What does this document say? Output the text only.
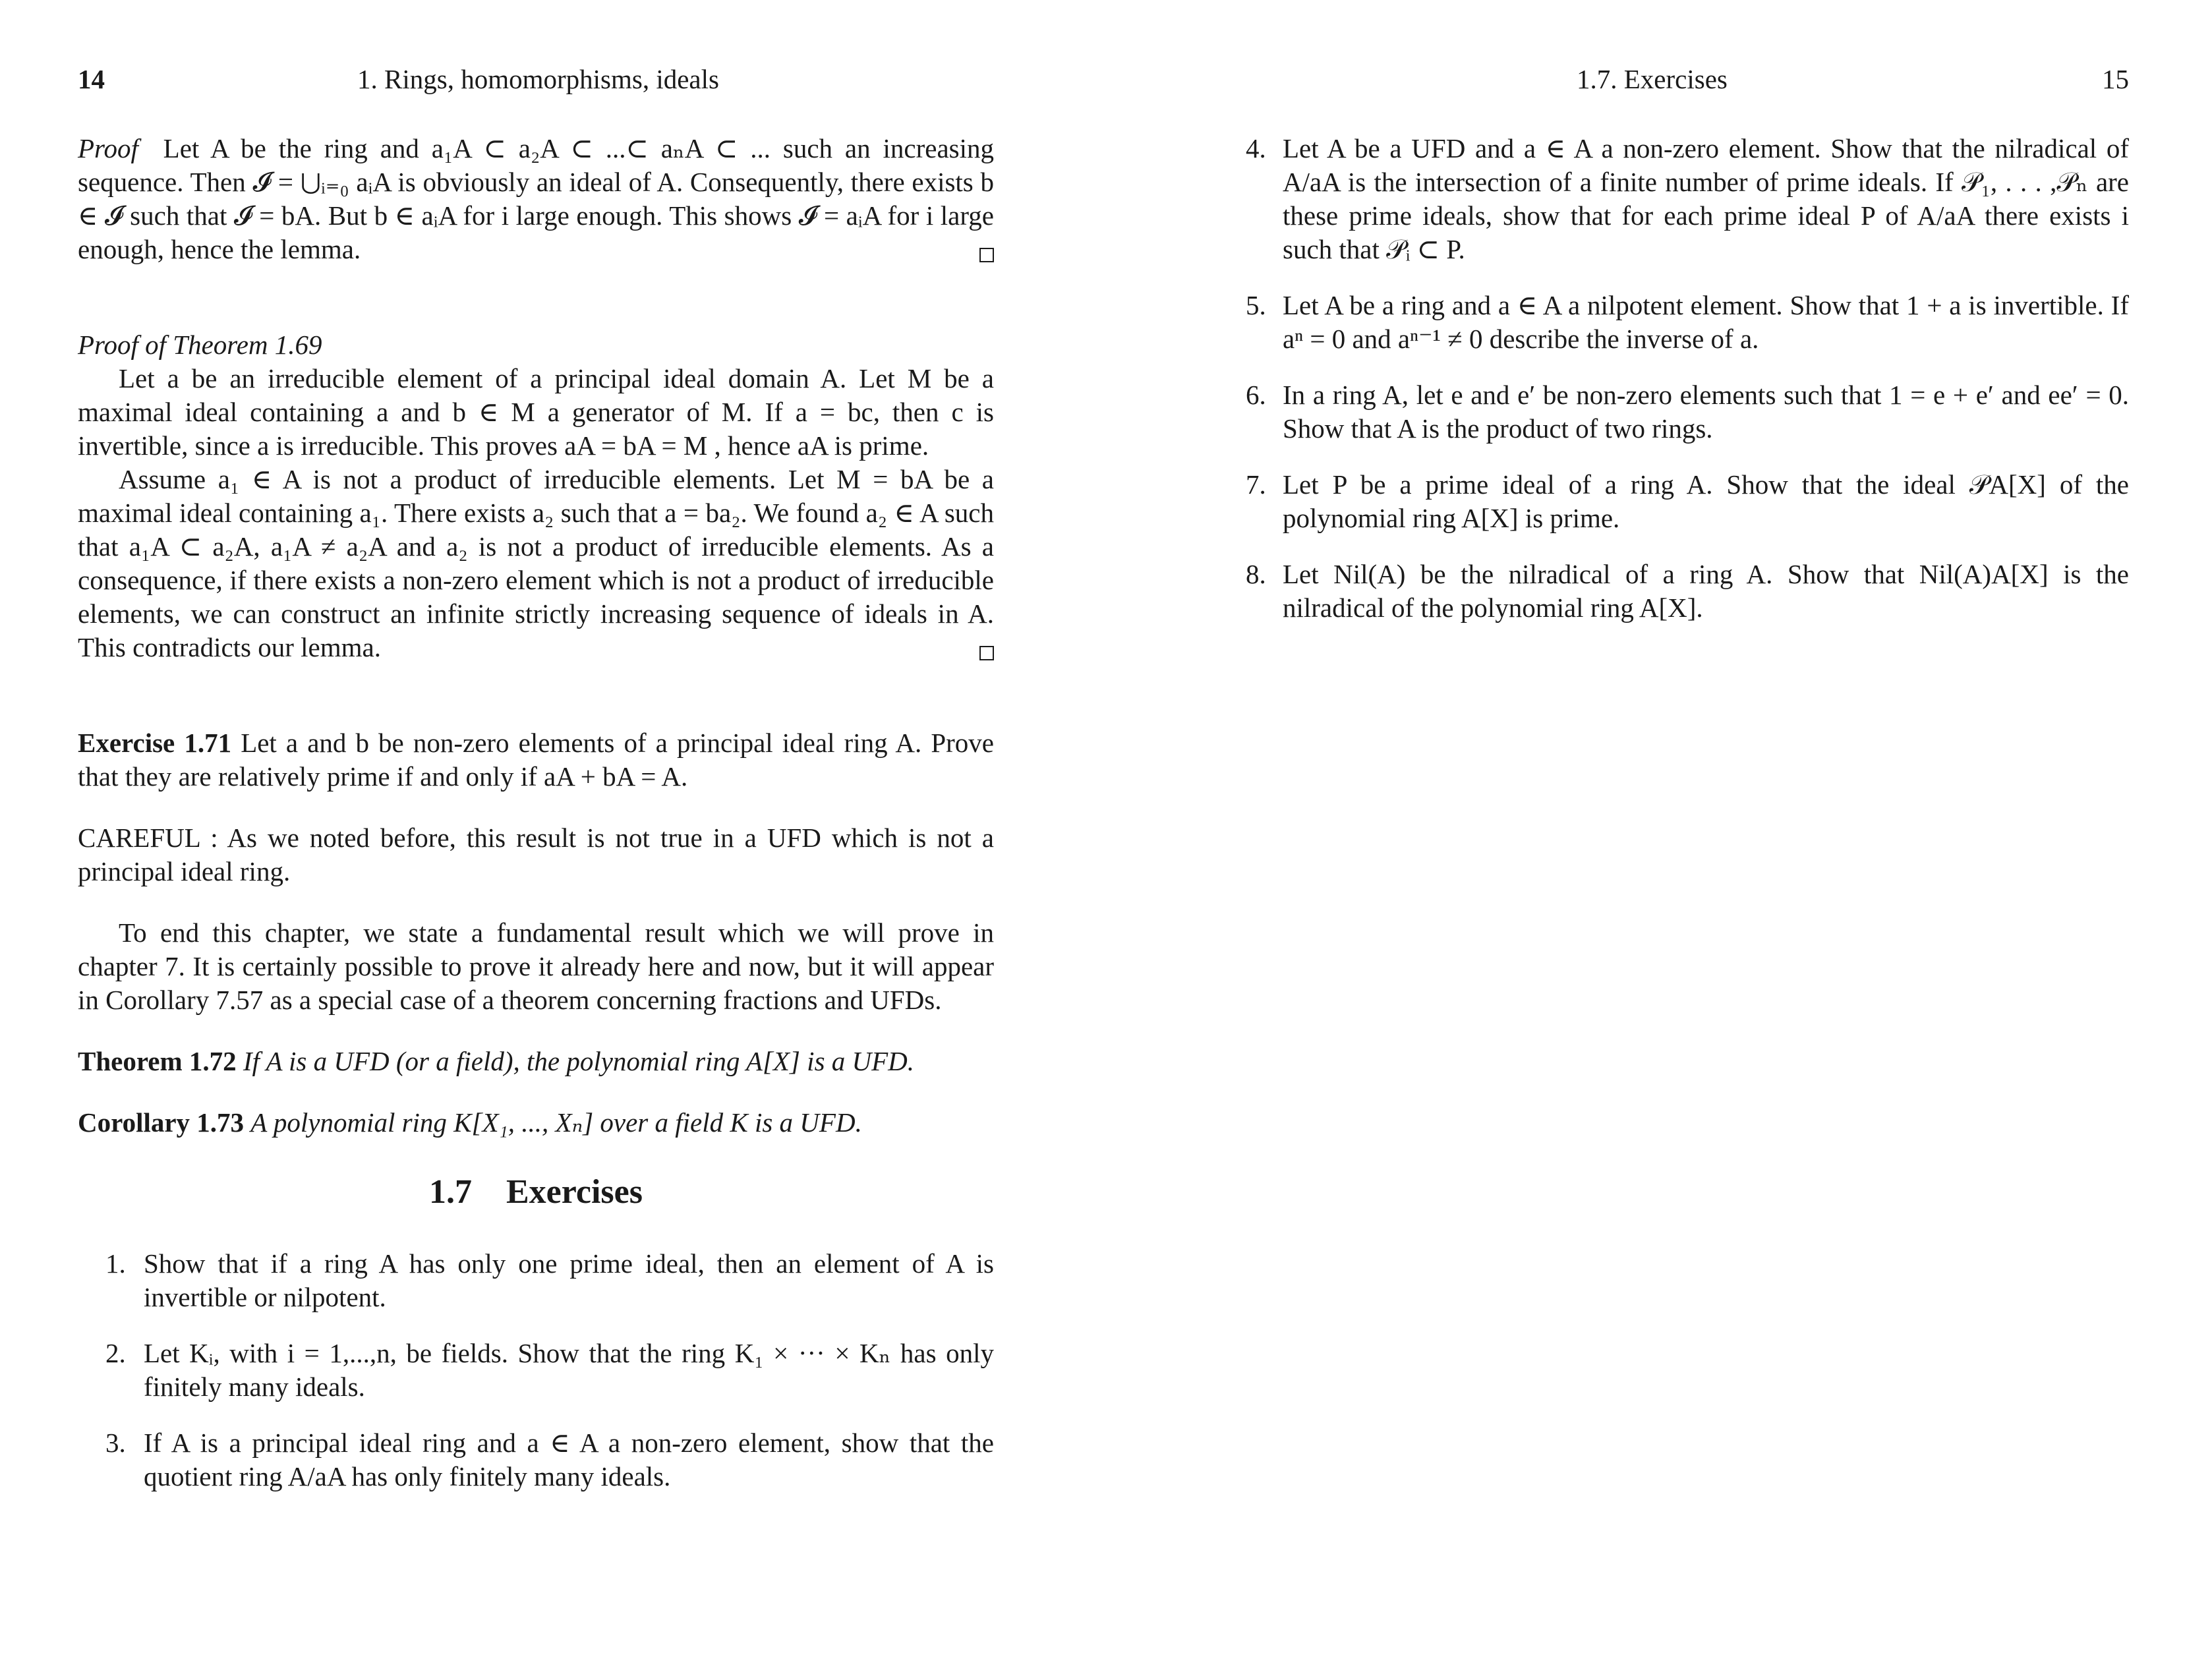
14	1. Rings, homomorphisms, ideals

Proof Let A be the ring and a₁A ⊂ a₂A ⊂ ...⊂ aₙA ⊂ ... such an increasing sequence. Then 𝓘 = ⋃ᵢ₌₀ aᵢA is obviously an ideal of A. Consequently, there exists b ∈ 𝓘 such that 𝓘 = bA. But b ∈ aᵢA for i large enough. This shows 𝓘 = aᵢA for i large enough, hence the lemma.

Proof of Theorem 1.69

Let a be an irreducible element of a principal ideal domain A. Let M be a maximal ideal containing a and b ∈ M a generator of M. If a = bc, then c is invertible, since a is irreducible. This proves aA = bA = M , hence aA is prime.

Assume a₁ ∈ A is not a product of irreducible elements. Let M = bA be a maximal ideal containing a₁. There exists a₂ such that a = ba₂. We found a₂ ∈ A such that a₁A ⊂ a₂A, a₁A ≠ a₂A and a₂ is not a product of irreducible elements. As a consequence, if there exists a non-zero element which is not a product of irreducible elements, we can construct an infinite strictly increasing sequence of ideals in A. This contradicts our lemma.

Exercise 1.71 Let a and b be non-zero elements of a principal ideal ring A. Prove that they are relatively prime if and only if aA + bA = A.

CAREFUL : As we noted before, this result is not true in a UFD which is not a principal ideal ring.

To end this chapter, we state a fundamental result which we will prove in chapter 7. It is certainly possible to prove it already here and now, but it will appear in Corollary 7.57 as a special case of a theorem concerning fractions and UFDs.

Theorem 1.72 If A is a UFD (or a field), the polynomial ring A[X] is a UFD.

Corollary 1.73 A polynomial ring K[X₁, ..., Xₙ] over a field K is a UFD.

1.7 Exercises
1. Show that if a ring A has only one prime ideal, then an element of A is invertible or nilpotent.
2. Let Kᵢ, with i = 1,...,n, be fields. Show that the ring K₁ × ··· × Kₙ has only finitely many ideals.
3. If A is a principal ideal ring and a ∈ A a non-zero element, show that the quotient ring A/aA has only finitely many ideals.
1.7. Exercises	15
4. Let A be a UFD and a ∈ A a non-zero element. Show that the nilradical of A/aA is the intersection of a finite number of prime ideals. If 𝒫₁, . . . ,𝒫ₙ are these prime ideals, show that for each prime ideal P of A/aA there exists i such that 𝒫ᵢ ⊂ P.
5. Let A be a ring and a ∈ A a nilpotent element. Show that 1 + a is invertible. If aⁿ = 0 and aⁿ⁻¹ ≠ 0 describe the inverse of a.
6. In a ring A, let e and e′ be non-zero elements such that 1 = e + e′ and ee′ = 0. Show that A is the product of two rings.
7. Let P be a prime ideal of a ring A. Show that the ideal 𝒫A[X] of the polynomial ring A[X] is prime.
8. Let Nil(A) be the nilradical of a ring A. Show that Nil(A)A[X] is the nilradical of the polynomial ring A[X].
